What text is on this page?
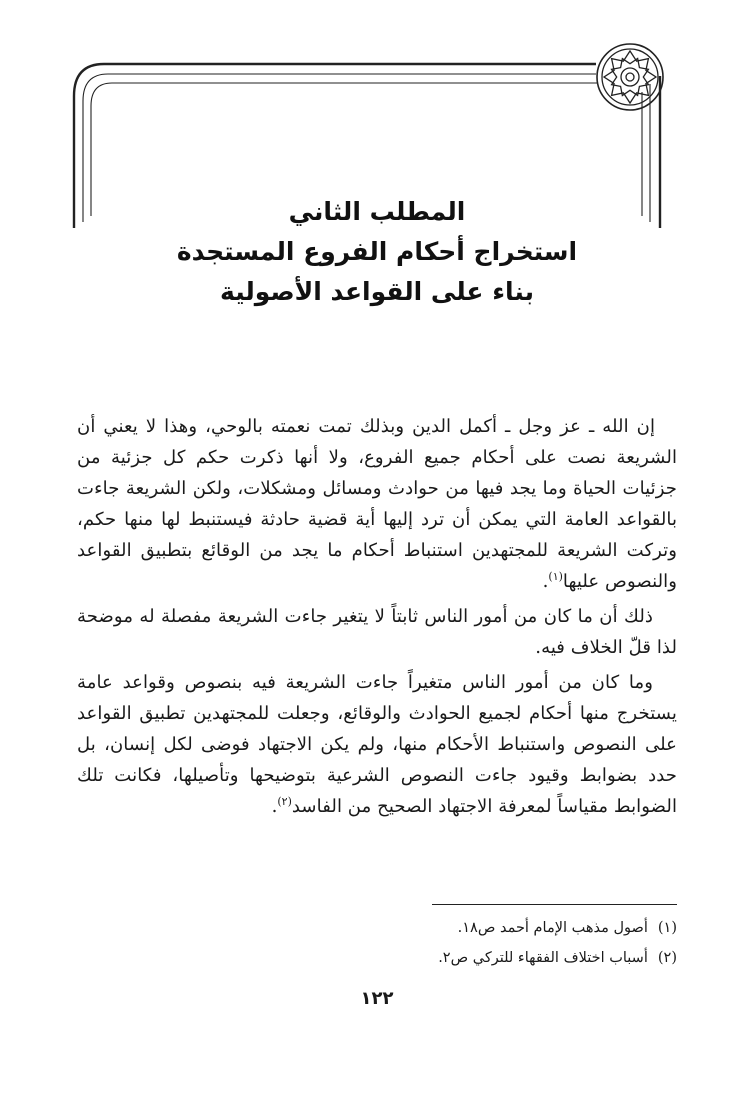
المطلب الثاني
استخراج أحكام الفروع المستجدة
بناء على القواعد الأصولية

إن الله ـ عز وجل ـ أكمل الدين وبذلك تمت نعمته بالوحي، وهذا لا يعني أن الشريعة نصت على أحكام جميع الفروع، ولا أنها ذكرت حكم كل جزئية من جزئيات الحياة وما يجد فيها من حوادث ومسائل ومشكلات، ولكن الشريعة جاءت بالقواعد العامة التي يمكن أن ترد إليها أية قضية حادثة فيستنبط لها منها حكم، وتركت الشريعة للمجتهدين استنباط أحكام ما يجد من الوقائع بتطبيق القواعد والنصوص عليها$^{(١)}$.

ذلك أن ما كان من أمور الناس ثابتاً لا يتغير جاءت الشريعة مفصلة له موضحة لذا قلّ الخلاف فيه.

وما كان من أمور الناس متغيراً جاءت الشريعة فيه بنصوص وقواعد عامة يستخرج منها أحكام لجميع الحوادث والوقائع، وجعلت للمجتهدين تطبيق القواعد على النصوص واستنباط الأحكام منها، ولم يكن الاجتهاد فوضى لكل إنسان، بل حدد بضوابط وقيود جاءت النصوص الشرعية بتوضيحها وتأصيلها، فكانت تلك الضوابط مقياساً لمعرفة الاجتهاد الصحيح من الفاسد$^{(٢)}$.

(١)أصول مذهب الإمام أحمد ص١٨.

(٢)أسباب اختلاف الفقهاء للتركي ص٢.

١٢٢
